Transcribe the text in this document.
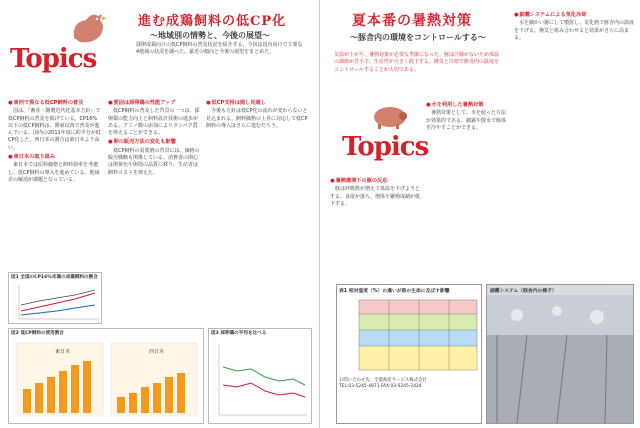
Topics
進む成鶏飼料の低CP化
〜地域別の情勢と、今後の展望〜
採卵成鶏向けの低CP飼料の普及状況を紹介する。今回は国内向けで主要な4地域の状況を調べた。最近の傾向と今後の展望をまとめた。
● 東西で異なる低CP飼料の普及

国は、『畜産・酪農近代化基本方針』で低CP飼料の普及を掲げている。CP16%以下の低CP飼料は、関東以西で普及が進んでいる。国内の2011年度に約半分が低CP化した。西日本の割合は東日本より高い。

● 東日本の取り組み

東日本では原料価格と飼料効率を考慮し、低CP飼料の導入を進めている。地域差の解消が課題となっている。

● 要因は採卵鶏の性能アップ

低CP飼料の普及した背景の一つは、採卵鶏の能力向上と飼料設計技術の進歩がある。アミノ酸の添加によりタンパク質を抑えることができる。

● 卵の販売方法の変化も影響

低CP飼料の需要増の背景には、価格の販売戦略も関係している。消費者の関心は卵黄色や卵殻の品質に移り、生産者は飼料コストを抑えた。

● 低CP支持は揺し見通し

今後も方針は低CP化の流れが変わらないと見込まれる。飼料価格の上昇に対応して低CP飼料の導入はさらに進むだろう。

図1 全国のCP16%未満の成鶏飼料の割合
図2 低CP飼料の使用割合
東日本	西日本
図3 採卵鶏の平均を比べる
夏本番の暑熱対策
〜豚舎内の環境をコントロールする〜
気温が上がり、暑熱対策が必要な季節になった。豚は汗腺がないため体温の調節が苦手で、生産性が大きく低下する。換気と冷却で豚舎内の温度をコントロールすることが大切である。
Topics
● 暑熱環境下の豚の反応

豚は呼吸数が増えて体温を下げようとする。食欲が落ち、増体や繁殖成績が低下する。

● 水を利用した暑熱対策

暑熱対策として、水を使った方法が効果的である。細霧や散水で豚体を冷やすことができる。

● 細霧システムによる気化冷却

水を細かい霧にして噴射し、気化熱で豚舎内の温度を下げる。換気と組み合わせると効果がさらに高まる。

表1 相対湿度（%）の違いが豚の生体に及ぼす影響
お問い合わせ先：全農畜産サービス株式会社 TEL:03-5245-4871 FAX:03-5245-2424
細霧システム（豚舎内の様子）
